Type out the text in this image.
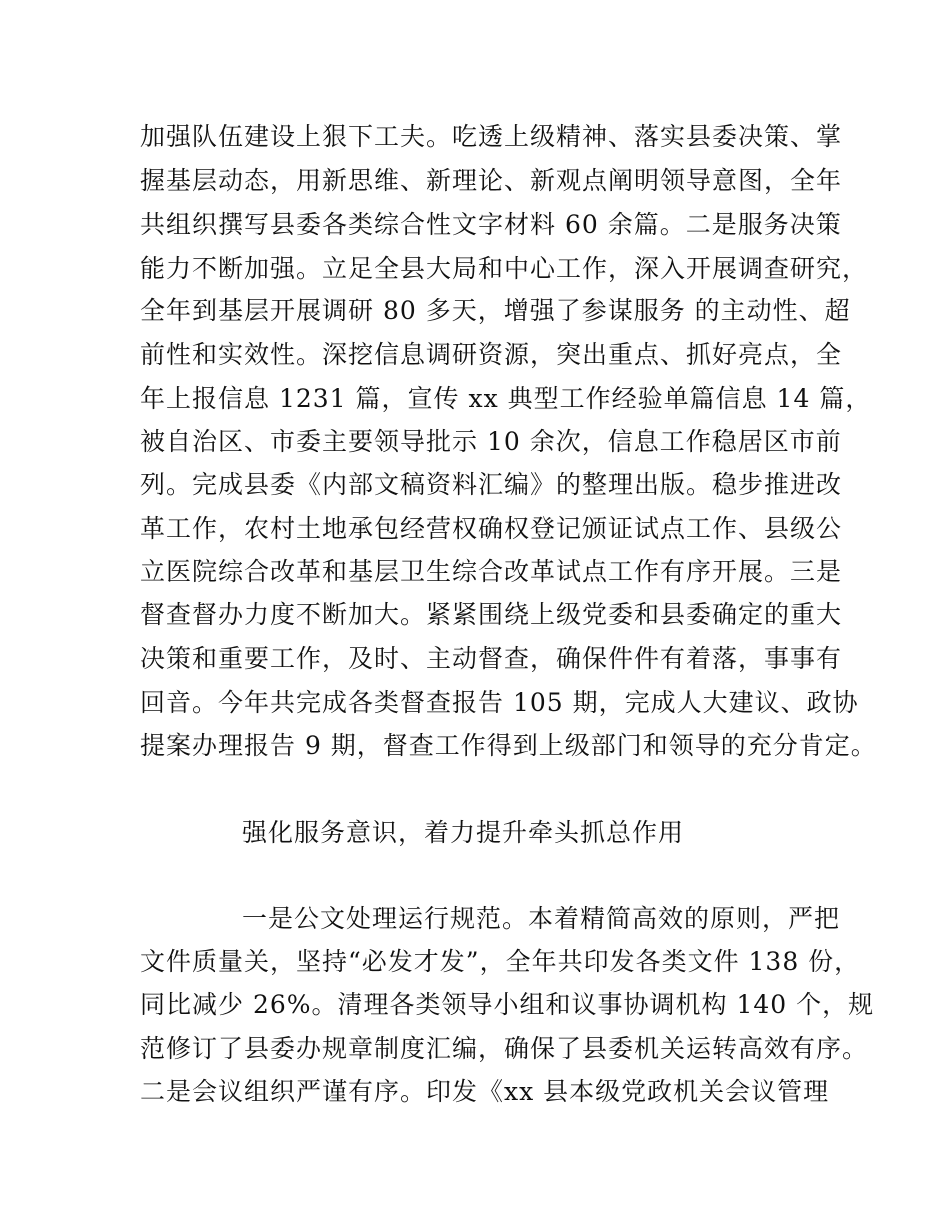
加强队伍建设上狠下工夫。吃透上级精神、落实县委决策、掌
握基层动态，用新思维、新理论、新观点阐明领导意图，全年
共组织撰写县委各类综合性文字材料 60 余篇。二是服务决策
能力不断加强。立足全县大局和中心工作，深入开展调查研究，
全年到基层开展调研 80 多天，增强了参谋服务 的主动性、超
前性和实效性。深挖信息调研资源，突出重点、抓好亮点，全
年上报信息 1231 篇，宣传 xx 典型工作经验单篇信息 14 篇，
被自治区、市委主要领导批示 10 余次，信息工作稳居区市前
列。完成县委《内部文稿资料汇编》的整理出版。稳步推进改
革工作，农村土地承包经营权确权登记颁证试点工作、县级公
立医院综合改革和基层卫生综合改革试点工作有序开展。三是
督查督办力度不断加大。紧紧围绕上级党委和县委确定的重大
决策和重要工作，及时、主动督查，确保件件有着落，事事有
回音。今年共完成各类督查报告 105 期，完成人大建议、政协
提案办理报告 9 期，督查工作得到上级部门和领导的充分肯定。
强化服务意识，着力提升牵头抓总作用
一是公文处理运行规范。本着精简高效的原则，严把
文件质量关，坚持“必发才发”，全年共印发各类文件 138 份，
同比减少 26%。清理各类领导小组和议事协调机构 140 个，规
范修订了县委办规章制度汇编，确保了县委机关运转高效有序。
二是会议组织严谨有序。印发《xx 县本级党政机关会议管理
